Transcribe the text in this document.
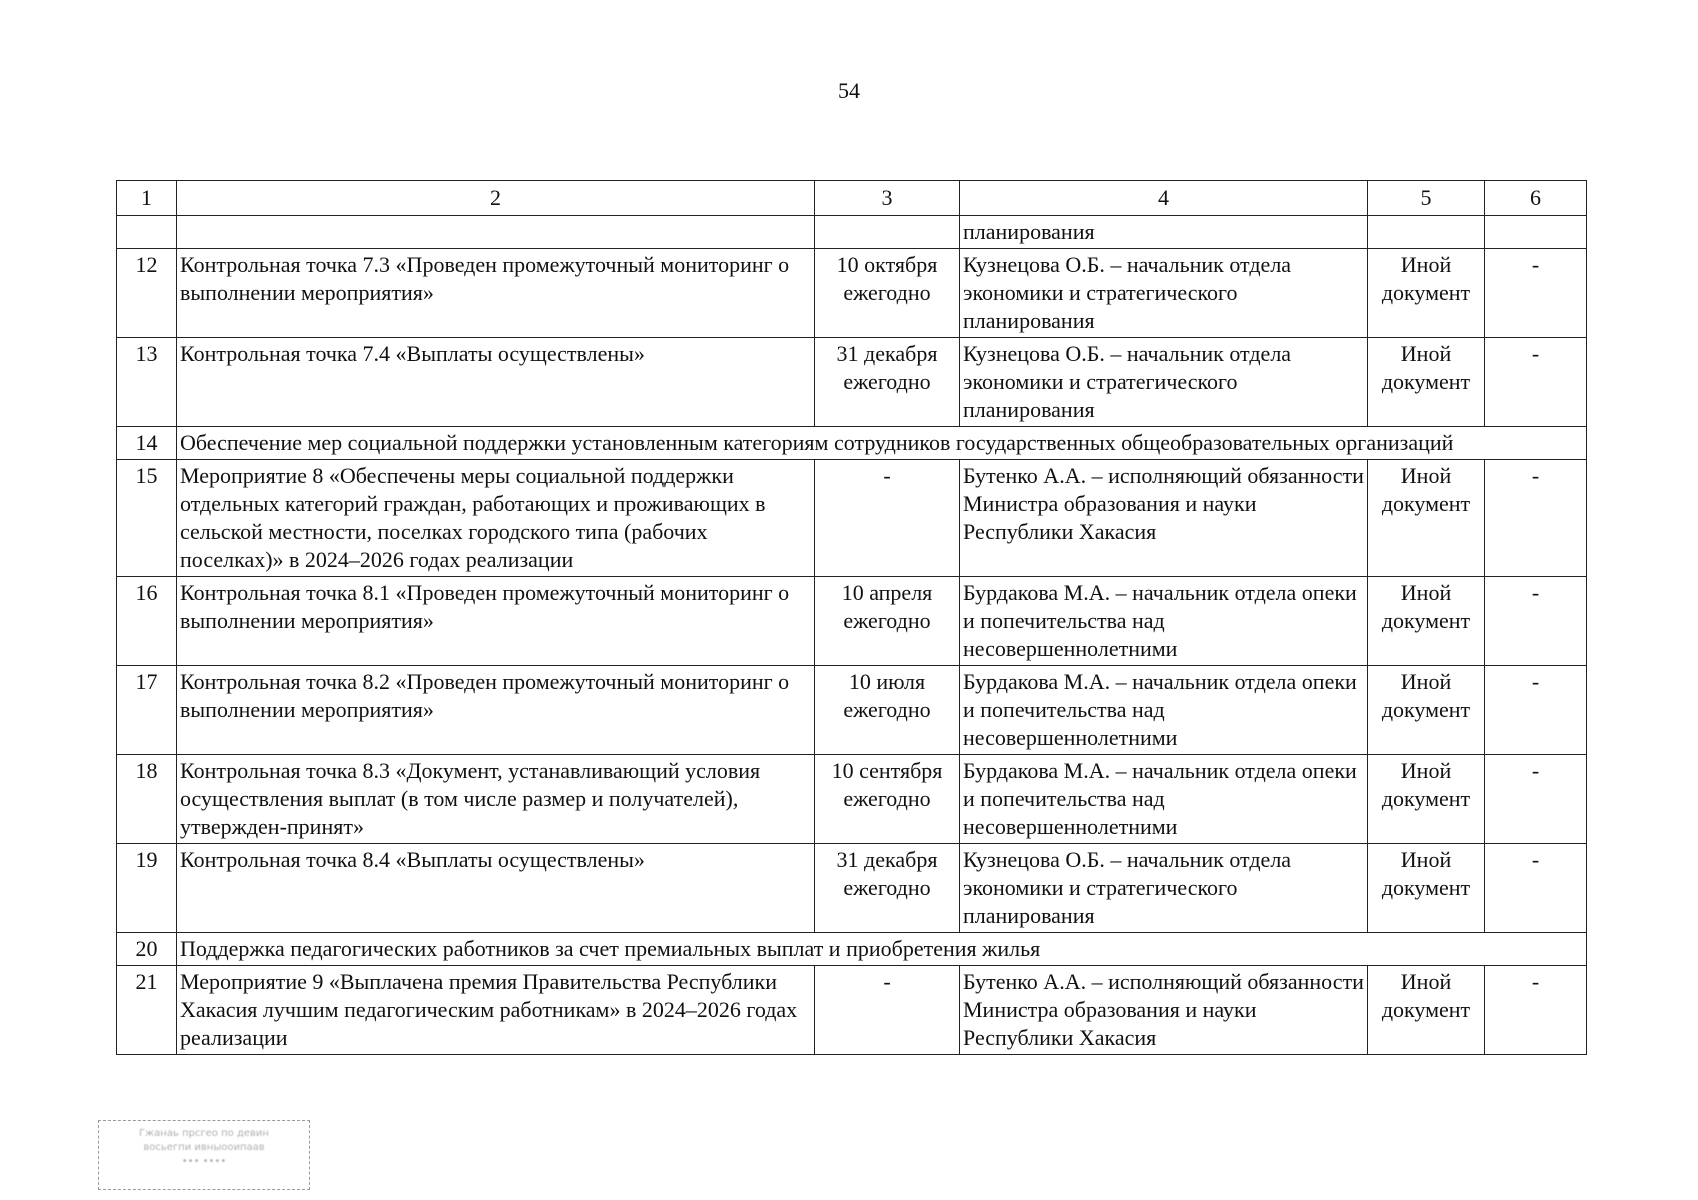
54
1	2	3	4	5	6
			планирования		
12	Контрольная точка 7.3 «Проведен промежуточный мониторинг о выполнении мероприятия»	10 октября ежегодно	Кузнецова О.Б. – начальник отдела экономики и стратегического планирования	Иной документ	-
13	Контрольная точка 7.4 «Выплаты осуществлены»	31 декабря ежегодно	Кузнецова О.Б. – начальник отдела экономики и стратегического планирования	Иной документ	-
14	Обеспечение мер социальной поддержки установленным категориям сотрудников государственных общеобразовательных организаций				
15	Мероприятие 8 «Обеспечены меры социальной поддержки отдельных категорий граждан, работающих и проживающих в сельской местности, поселках городского типа (рабочих поселках)» в 2024–2026 годах реализации	-	Бутенко А.А. – исполняющий обязанности Министра образования и науки Республики Хакасия	Иной документ	-
16	Контрольная точка 8.1 «Проведен промежуточный мониторинг о выполнении мероприятия»	10 апреля ежегодно	Бурдакова М.А. – начальник отдела опеки и попечительства над несовершеннолетними	Иной документ	-
17	Контрольная точка 8.2 «Проведен промежуточный мониторинг о выполнении мероприятия»	10 июля ежегодно	Бурдакова М.А. – начальник отдела опеки и попечительства над несовершеннолетними	Иной документ	-
18	Контрольная точка 8.3 «Документ, устанавливающий условия осуществления выплат (в том числе размер и получателей), утвержден-принят»	10 сентября ежегодно	Бурдакова М.А. – начальник отдела опеки и попечительства над несовершеннолетними	Иной документ	-
19	Контрольная точка 8.4 «Выплаты осуществлены»	31 декабря ежегодно	Кузнецова О.Б. – начальник отдела экономики и стратегического планирования	Иной документ	-
20	Поддержка педагогических работников за счет премиальных выплат и приобретения жилья				
21	Мероприятие 9 «Выплачена премия Правительства Республики Хакасия лучшим педагогическим работникам» в 2024–2026 годах реализации	-	Бутенко А.А. – исполняющий обязанности Министра образования и науки Республики Хакасия	Иной документ	-
Гжанаь прсгео по девин
восьегпи ивныооипаав
••• ••••
